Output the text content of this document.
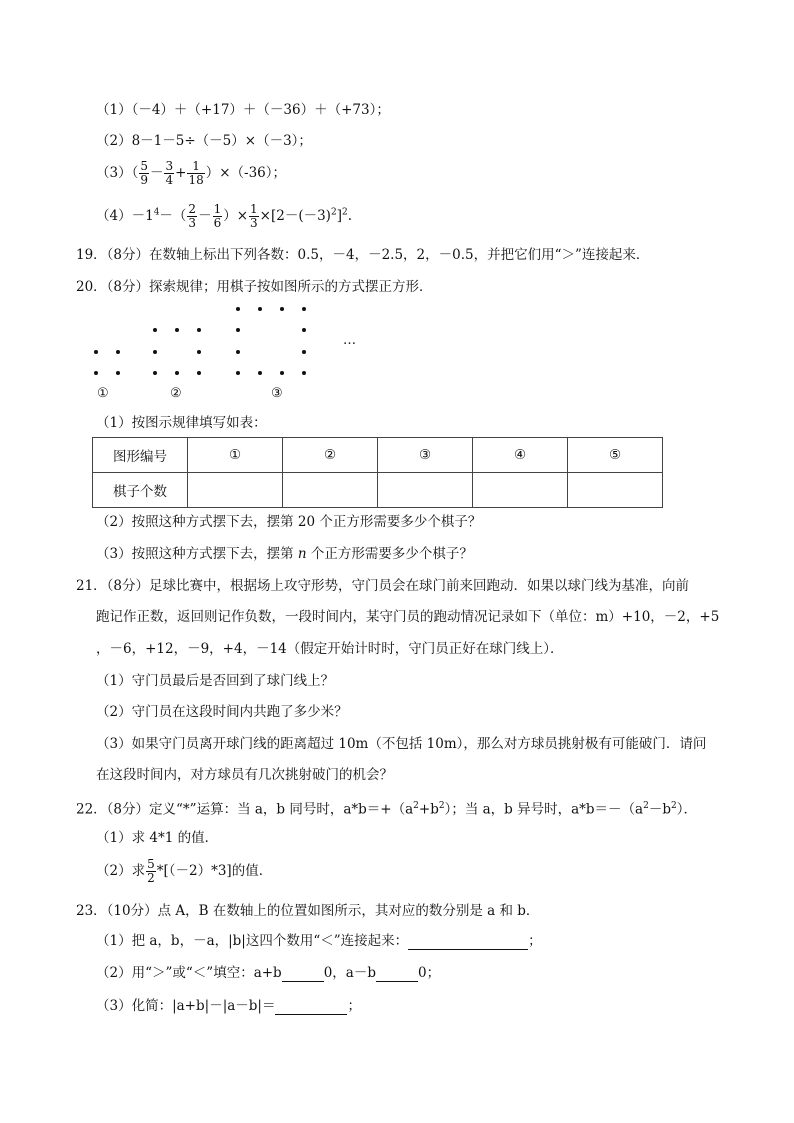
（1）（－4）＋（+17）＋（－36）＋（+73）；
（2）8－1－5÷（－5）×（－3）；
$(3)( \frac{5}{9} - \frac{3}{4} + \frac{1}{18} )\times(-36)$；
$(4)-1^4-( \frac{2}{3} - \frac{1}{6}$ ）× $\frac{1}{3} \times[2-(-3)^2]^2$.
19．（8分）在数轴上标出下列各数：0.5，－4，－2.5，2，－0.5，并把它们用“＞”连接起来．
20．（8分）探索规律；用棋子按如图所示的方式摆正方形．
…
①	②	③
（1）按图示规律填写如表：
图形编号	①	②	③	④	⑤
棋子个数					
（2）按照这种方式摆下去，摆第 20 个正方形需要多少个棋子？
（3）按照这种方式摆下去，摆第 n 个正方形需要多少个棋子？
21．（8分）足球比赛中，根据场上攻守形势，守门员会在球门前来回跑动．如果以球门线为基准，向前
跑记作正数，返回则记作负数，一段时间内，某守门员的跑动情况记录如下（单位：m）+10，－2，+5
，－6，+12，－9，+4，－14（假定开始计时时，守门员正好在球门线上）．
（1）守门员最后是否回到了球门线上？
（2）守门员在这段时间内共跑了多少米？
（3）如果守门员离开球门线的距离超过 10m（不包括 10m），那么对方球员挑射极有可能破门．请问
在这段时间内，对方球员有几次挑射破门的机会？
22．（8分）定义“*”运算：当 a，b 同号时，$a*b=+(a^2+b^2)$；当 a，b 异号时，$a*b=-(a^2-b^2)$．
（1）求 4*1 的值．
（2）求 $\frac{5}{2} *[(-2)*3]$的值．
23．（10分）点 A，B 在数轴上的位置如图所示，其对应的数分别是 a 和 b．
（1）把 a，b，－a，|b|这四个数用“＜”连接起来：	；
（2）用“＞”或“＜”填空：a+b	0，a－b	0；
（3）化简：|a+b|－|a－b|＝	；
